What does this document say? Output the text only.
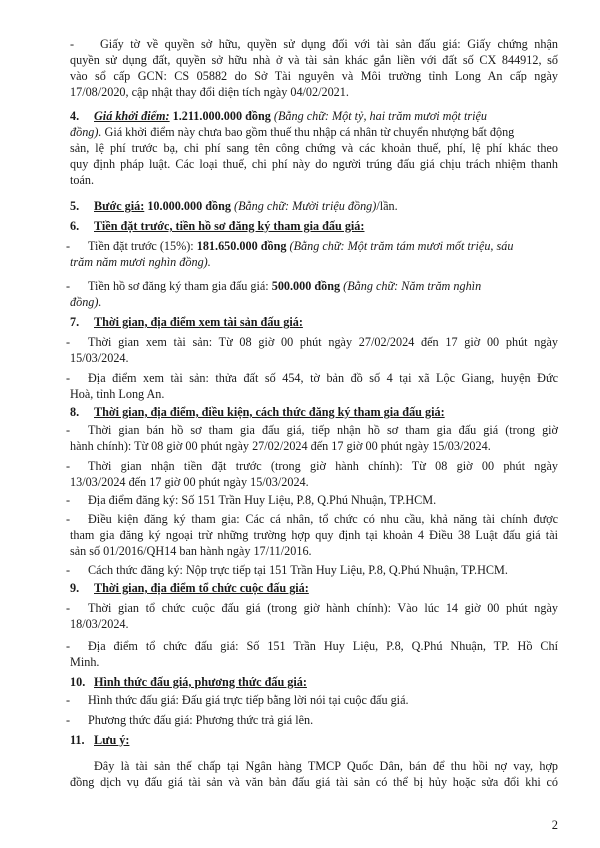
- Giấy tờ về quyền sở hữu, quyền sử dụng đối với tài sản đấu giá: Giấy chứng nhận
quyền sử dụng đất, quyền sở hữu nhà ở và tài sản khác gắn liền với đất số CX 844912, số
vào sổ cấp GCN: CS 05882 do Sở Tài nguyên và Môi trường tỉnh Long An cấp ngày
17/08/2020, cập nhật thay đổi diện tích ngày 04/02/2021.
4. Giá khởi điểm: 1.211.000.000 đồng (Bằng chữ: Một tỷ, hai trăm mươi một triệu
đồng). Giá khởi điểm này chưa bao gồm thuế thu nhập cá nhân từ chuyển nhượng bất động
sản, lệ phí trước bạ, chi phí sang tên công chứng và các khoản thuế, phí, lệ phí khác theo
quy định pháp luật. Các loại thuế, chi phí này do người trúng đấu giá chịu trách nhiệm thanh
toán.
5. Bước giá: 10.000.000 đồng (Bằng chữ: Mười triệu đồng)/lần.
6. Tiền đặt trước, tiền hồ sơ đăng ký tham gia đấu giá:
- Tiền đặt trước (15%): 181.650.000 đồng (Bằng chữ: Một trăm tám mươi mốt triệu, sáu
trăm năm mươi nghìn đồng).
- Tiền hồ sơ đăng ký tham gia đấu giá: 500.000 đồng (Bằng chữ: Năm trăm nghìn
đồng).
7. Thời gian, địa điểm xem tài sản đấu giá:
- Thời gian xem tài sản: Từ 08 giờ 00 phút ngày 27/02/2024 đến 17 giờ 00 phút ngày
15/03/2024.
- Địa điểm xem tài sản: thửa đất số 454, tờ bản đồ số 4 tại xã Lộc Giang, huyện Đức
Hoà, tỉnh Long An.
8. Thời gian, địa điểm, điều kiện, cách thức đăng ký tham gia đấu giá:
- Thời gian bán hồ sơ tham gia đấu giá, tiếp nhận hồ sơ tham gia đấu giá (trong giờ
hành chính): Từ 08 giờ 00 phút ngày 27/02/2024 đến 17 giờ 00 phút ngày 15/03/2024.
- Thời gian nhận tiền đặt trước (trong giờ hành chính): Từ 08 giờ 00 phút ngày
13/03/2024 đến 17 giờ 00 phút ngày 15/03/2024.
- Địa điểm đăng ký: Số 151 Trần Huy Liệu, P.8, Q.Phú Nhuận, TP.HCM.
- Điều kiện đăng ký tham gia: Các cá nhân, tổ chức có nhu cầu, khả năng tài chính được
tham gia đăng ký ngoại trừ những trường hợp quy định tại khoản 4 Điều 38 Luật đấu giá tài
sản số 01/2016/QH14 ban hành ngày 17/11/2016.
- Cách thức đăng ký: Nộp trực tiếp tại 151 Trần Huy Liệu, P.8, Q.Phú Nhuận, TP.HCM.
9. Thời gian, địa điểm tổ chức cuộc đấu giá:
- Thời gian tổ chức cuộc đấu giá (trong giờ hành chính): Vào lúc 14 giờ 00 phút ngày
18/03/2024.
- Địa điểm tổ chức đấu giá: Số 151 Trần Huy Liệu, P.8, Q.Phú Nhuận, TP. Hồ Chí
Minh.
10. Hình thức đấu giá, phương thức đấu giá:
- Hình thức đấu giá: Đấu giá trực tiếp bằng lời nói tại cuộc đấu giá.
- Phương thức đấu giá: Phương thức trả giá lên.
11. Lưu ý:
Đây là tài sản thế chấp tại Ngân hàng TMCP Quốc Dân, bán để thu hồi nợ vay, hợp
đồng dịch vụ đấu giá tài sản và văn bản đấu giá tài sản có thể bị hủy hoặc sửa đổi khi có
2
